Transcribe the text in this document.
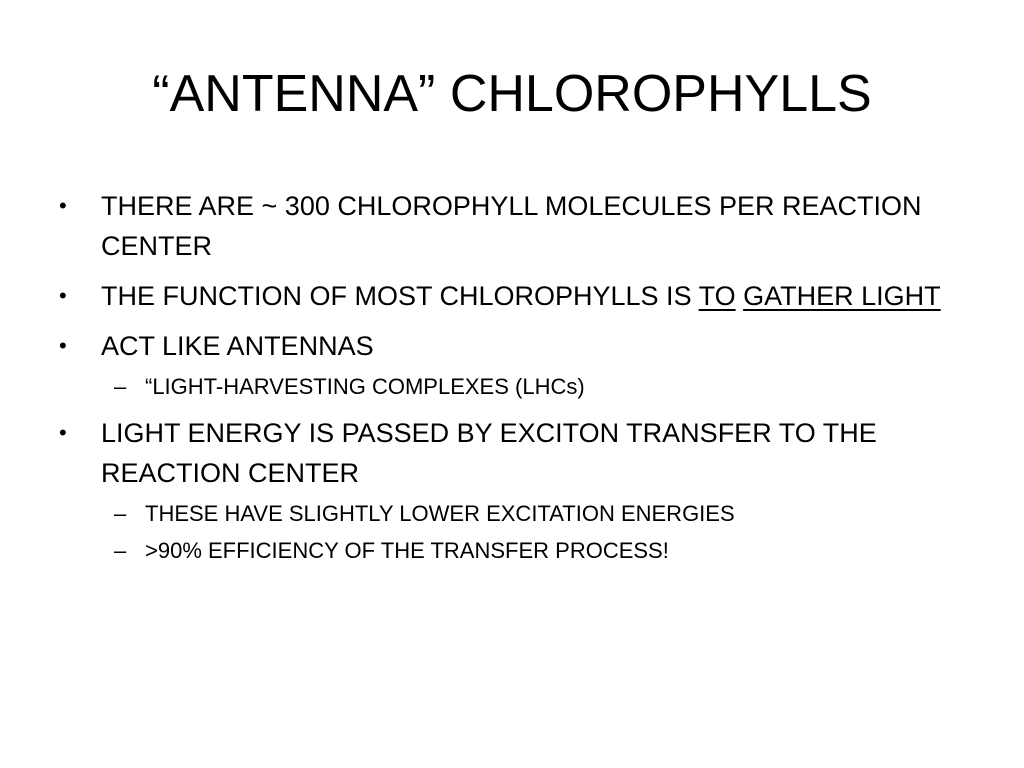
“ANTENNA” CHLOROPHYLLS
• THERE ARE ~ 300 CHLOROPHYLL MOLECULES PER REACTION CENTER
• THE FUNCTION OF MOST CHLOROPHYLLS IS TO GATHER LIGHT
• ACT LIKE ANTENNAS
– “LIGHT-HARVESTING COMPLEXES (LHCs)
• LIGHT ENERGY IS PASSED BY EXCITON TRANSFER TO THE REACTION CENTER
– THESE HAVE SLIGHTLY LOWER EXCITATION ENERGIES
– >90% EFFICIENCY OF THE TRANSFER PROCESS!
